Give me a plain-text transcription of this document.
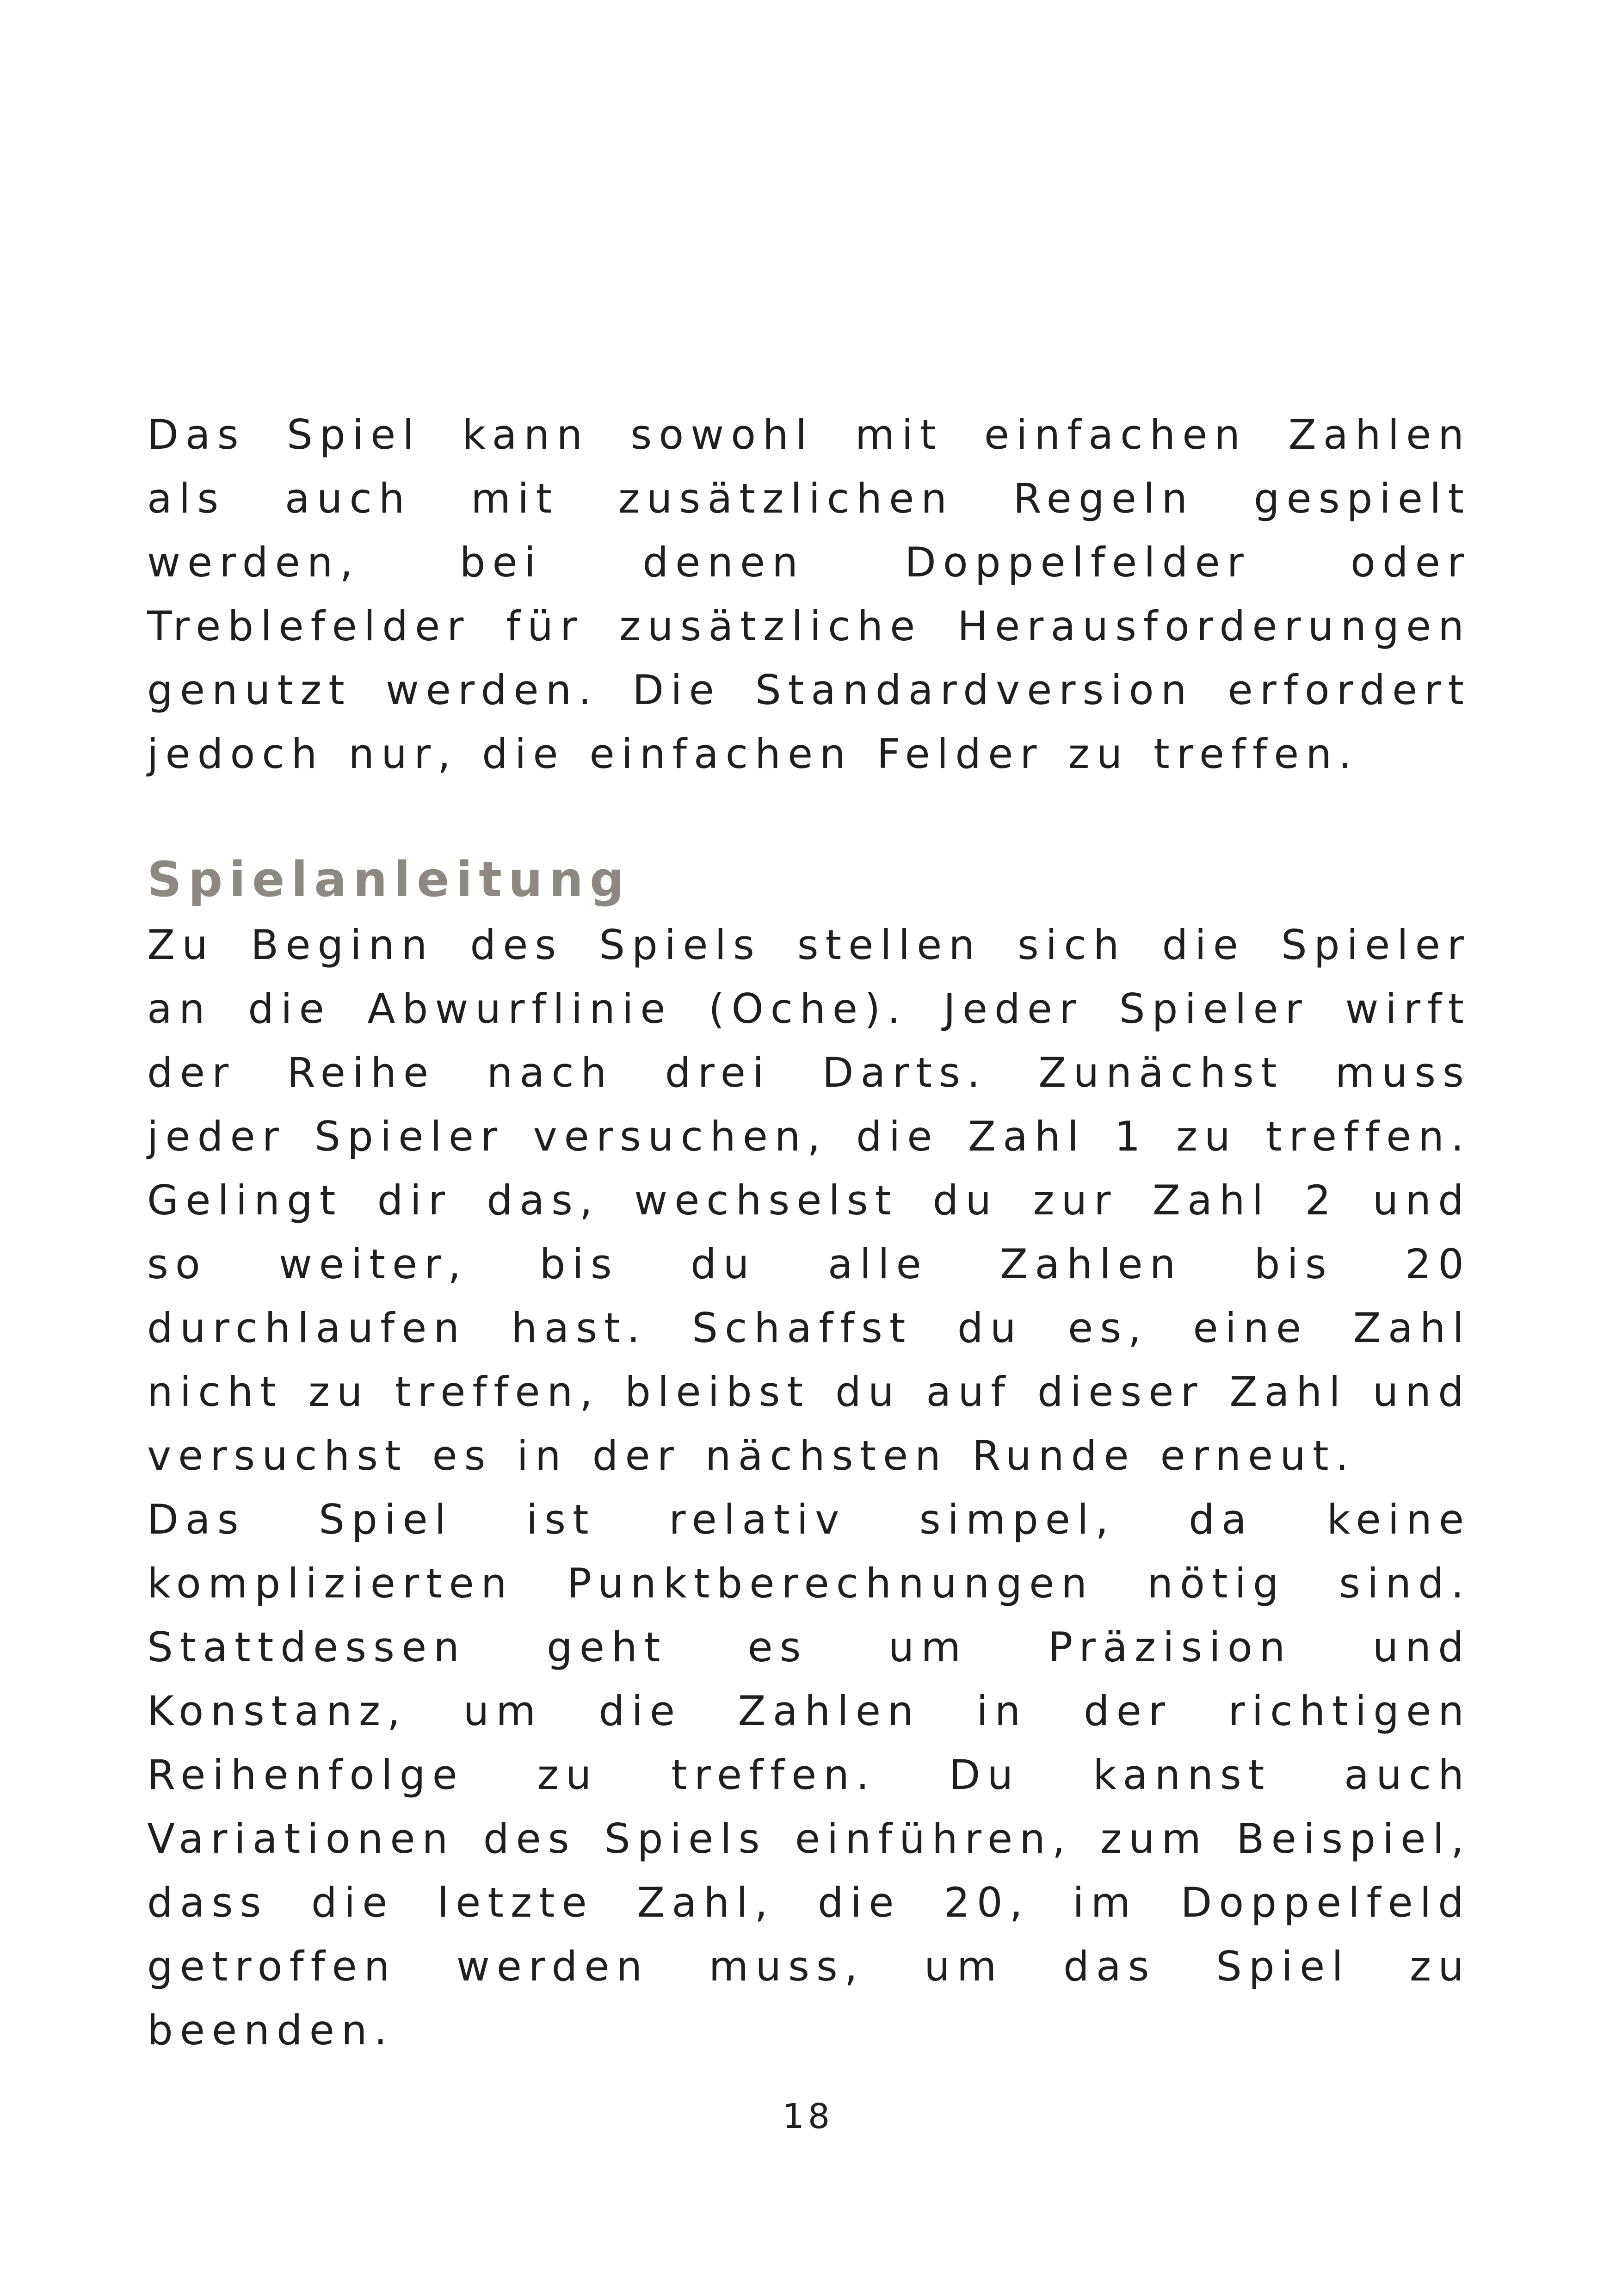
Das Spiel kann sowohl mit einfachen Zahlen als auch mit zusätzlichen Regeln gespielt werden, bei denen Doppelfelder oder Treblefelder für zusätzliche Herausforderungen genutzt werden. Die Standardversion erfordert jedoch nur, die einfachen Felder zu treffen.

Spielanleitung

Zu Beginn des Spiels stellen sich die Spieler an die Abwurflinie (Oche). Jeder Spieler wirft der Reihe nach drei Darts. Zunächst muss jeder Spieler versuchen, die Zahl 1 zu treffen. Gelingt dir das, wechselst du zur Zahl 2 und so weiter, bis du alle Zahlen bis 20 durchlaufen hast. Schaffst du es, eine Zahl nicht zu treffen, bleibst du auf dieser Zahl und versuchst es in der nächsten Runde erneut.

Das Spiel ist relativ simpel, da keine komplizierten Punktberechnungen nötig sind. Stattdessen geht es um Präzision und Konstanz, um die Zahlen in der richtigen Reihenfolge zu treffen. Du kannst auch Variationen des Spiels einführen, zum Beispiel, dass die letzte Zahl, die 20, im Doppelfeld getroffen werden muss, um das Spiel zu beenden.

18
